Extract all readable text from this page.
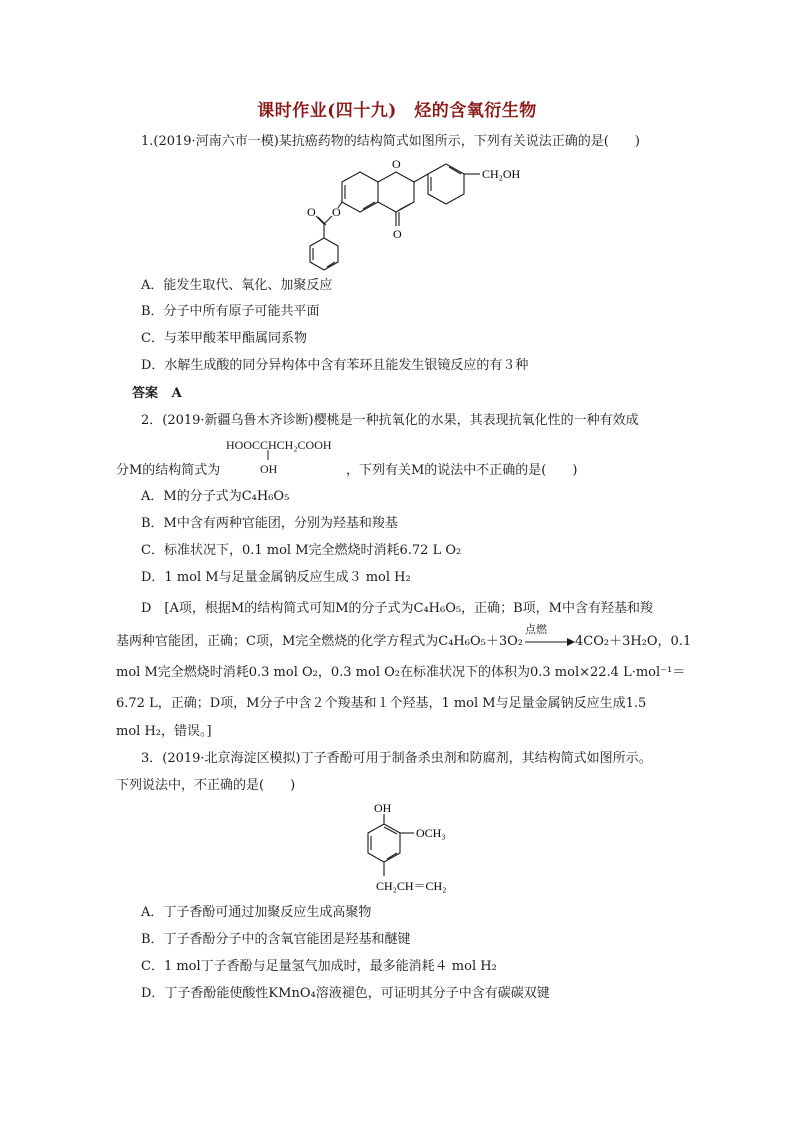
课时作业(四十九)　烃的含氧衍生物
1.(2019·河南六市一模)某抗癌药物的结构简式如图所示，下列有关说法正确的是(　　)
O
CH₂OH
O
O
O
A．能发生取代、氧化、加聚反应
B．分子中所有原子可能共平面
C．与苯甲酸苯甲酯属同系物
D．水解生成酸的同分异构体中含有苯环且能发生银镜反应的有３种
答案 A
2．(2019·新疆乌鲁木齐诊断)樱桃是一种抗氧化的水果，其表现抗氧化性的一种有效成
HOOCCHCH₂COOH
OH
分M的结构简式为	，下列有关M的说法中不正确的是(　　)
A．M的分子式为C₄H₆O₅
B．M中含有两种官能团，分别为羟基和羧基
C．标准状况下，0.1 mol M完全燃烧时消耗6.72 L O₂
D．1 mol M与足量金属钠反应生成３ mol H₂
D　[A项，根据M的结构简式可知M的分子式为C₄H₆O₅，正确；B项，M中含有羟基和羧
基两种官能团，正确；C项，M完全燃烧的化学方程式为C₄H₆O₅＋3O₂
点燃
4CO₂＋3H₂O，0.1
mol M完全燃烧时消耗0.3 mol O₂，0.3 mol O₂在标准状况下的体积为0.3 mol×22.4 L·mol⁻¹＝
6.72 L，正确；D项，M分子中含２个羧基和１个羟基，1 mol M与足量金属钠反应生成1.5
mol H₂，错误。]
3．(2019·北京海淀区模拟)丁子香酚可用于制备杀虫剂和防腐剂，其结构简式如图所示。
下列说法中，不正确的是(　　)
OH
OCH₃
CH₂CH＝CH₂
A．丁子香酚可通过加聚反应生成高聚物
B．丁子香酚分子中的含氧官能团是羟基和醚键
C．1 mol丁子香酚与足量氢气加成时，最多能消耗４ mol H₂
D．丁子香酚能使酸性KMnO₄溶液褪色，可证明其分子中含有碳碳双键
